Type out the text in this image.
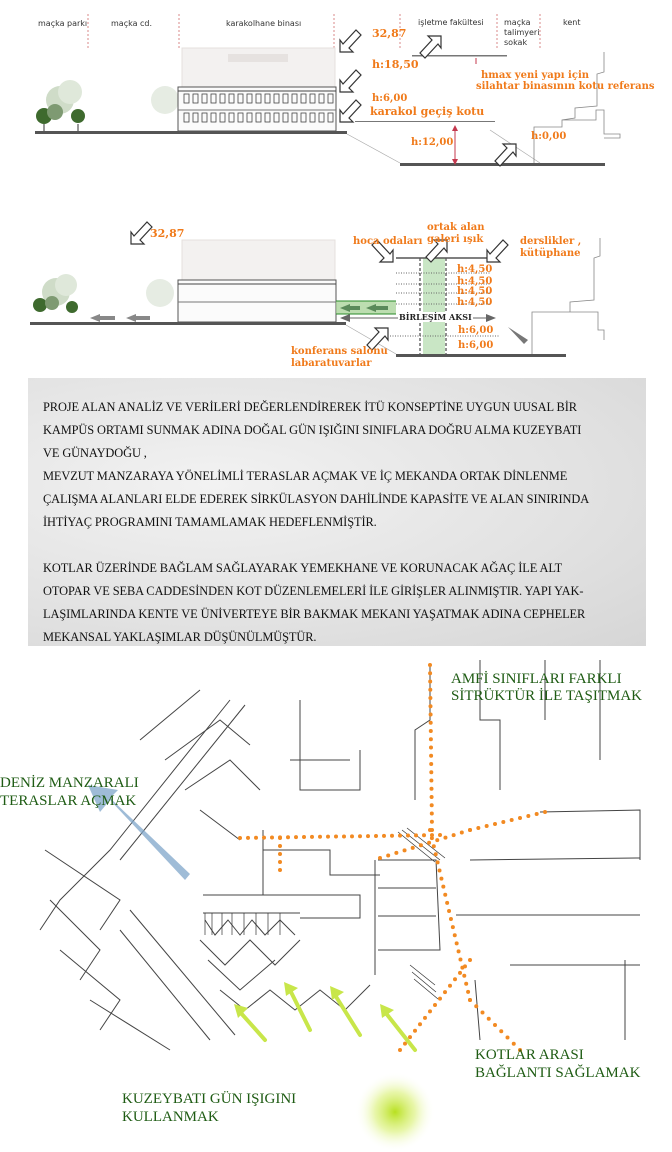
maçka parkı	maçka cd.	karakolhane binası	işletme fakültesi	maçka
talimyeri
sokak
kent
32,87
h:18,50
h:6,00
karakol geçiş kotu
hmax yeni yapı için
silahtar binasının kotu referans
h:12,00
h:0,00
32,87
hoca odaları
ortak alan
galeri ışık	derslikler ,
kütüphane
h:4,50
h:4,50
h:4,50
h:4,50
BİRLEŞİM AKSI
h:6,00
h:6,00
konferans salonu
labaratuvarlar

PROJE ALAN ANALİZ VE VERİLERİ DEĞERLENDİREREK İTÜ KONSEPTİNE UYGUN UUSAL BİR
KAMPÜS ORTAMI SUNMAK ADINA DOĞAL GÜN IŞIĞINI SINIFLARA DOĞRU ALMA KUZEYBATI
VE GÜNAYDOĞU ,
MEVZUT MANZARAYA YÖNELİMLİ TERASLAR AÇMAK VE İÇ MEKANDA ORTAK DİNLENME
ÇALIŞMA ALANLARI ELDE EDEREK SİRKÜLASYON DAHİLİNDE KAPASİTE VE ALAN SINIRINDA
İHTİYAÇ PROGRAMINI TAMAMLAMAK HEDEFLENMİŞTİR.

KOTLAR ÜZERİNDE BAĞLAM SAĞLAYARAK YEMEKHANE VE KORUNACAK AĞAÇ İLE ALT
OTOPAR VE SEBA CADDESİNDEN KOT DÜZENLEMELERİ İLE GİRİŞLER ALINMIŞTIR. YAPI YAK-
LAŞIMLARINDA KENTE VE ÜNİVERTEYE BİR BAKMAK MEKANI YAŞATMAK ADINA CEPHELER
MEKANSAL YAKLAŞIMLAR DÜŞÜNÜLMÜŞTÜR.

AMFİ SINIFLARI FARKLI
SİTRÜKTÜR İLE TAŞITMAK
DENİZ MANZARALI
TERASLAR AÇMAK
KOTLAR ARASI
BAĞLANTI SAĞLAMAK
KUZEYBATI GÜN IŞIGINI
KULLANMAK
